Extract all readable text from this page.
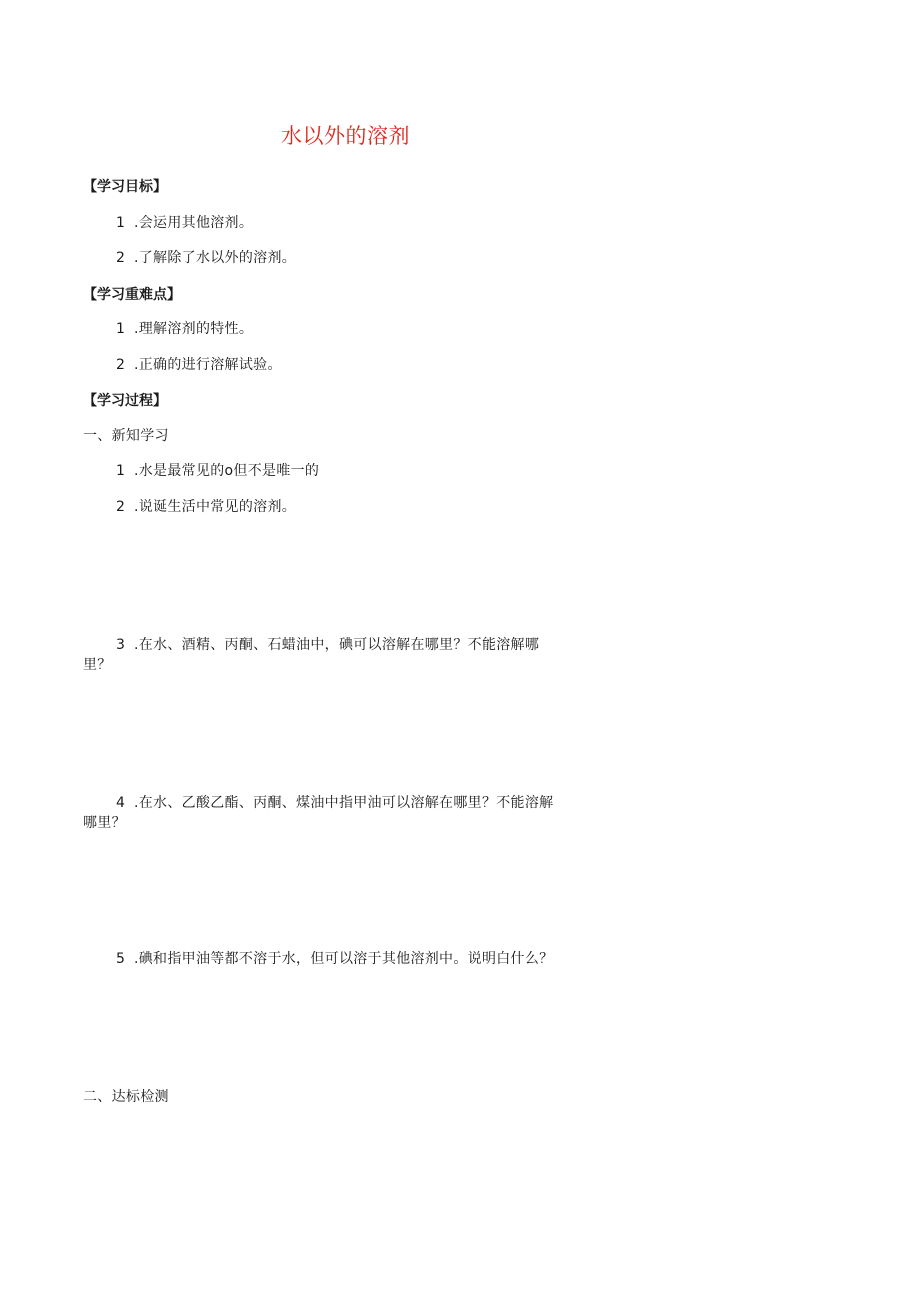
水以外的溶剂
【学习目标】
1 .会运用其他溶剂。
2 .了解除了水以外的溶剂。
【学习重难点】
1 .理解溶剂的特性。
2 .正确的进行溶解试验。
【学习过程】
一、新知学习
1 .水是最常见的o但不是唯一的
2 .说诞生活中常见的溶剂。
3 .在水、酒精、丙酮、石蜡油中，碘可以溶解在哪里？不能溶解哪
里？
4 .在水、乙酸乙酯、丙酮、煤油中指甲油可以溶解在哪里？不能溶解
哪里？
5 .碘和指甲油等都不溶于水，但可以溶于其他溶剂中。说明白什么？
二、达标检测
